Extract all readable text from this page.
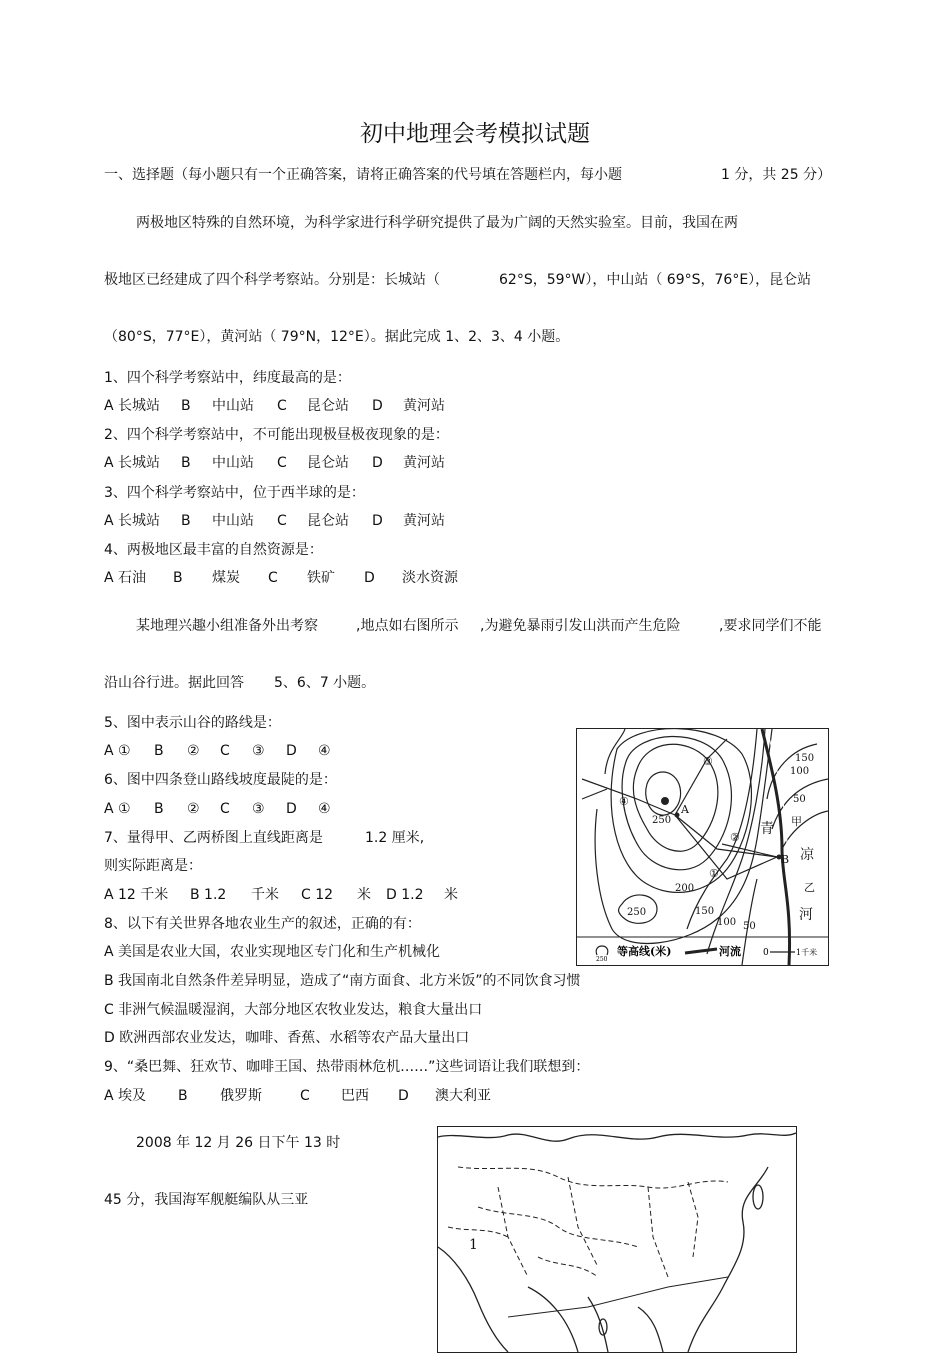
初中地理会考模拟试题
一、选择题（每小题只有一个正确答案，请将正确答案的代号填在答题栏内，每小题	1 分，共 25 分）
两极地区特殊的自然环境，为科学家进行科学研究提供了最为广阔的天然实验室。目前，我国在两
极地区已经建成了四个科学考察站。分别是：长城站（	62°S，59°W），中山站（ 69°S，76°E），昆仑站
（80°S，77°E），黄河站（ 79°N，12°E）。据此完成 1、2、3、4 小题。
1、四个科学考察站中，纬度最高的是：
A 长城站 B 中山站 C 昆仑站 D 黄河站
2、四个科学考察站中，不可能出现极昼极夜现象的是：
A 长城站 B 中山站 C 昆仑站 D 黄河站
3、四个科学考察站中，位于西半球的是：
A 长城站 B 中山站 C 昆仑站 D 黄河站
4、两极地区最丰富的自然资源是：
A 石油 B 煤炭 C 铁矿 D 淡水资源
某地理兴趣小组准备外出考察	,地点如右图所示 ,为避免暴雨引发山洪而产生危险	,要求同学们不能
沿山谷行进。据此回答 5、6、7 小题。
5、图中表示山谷的路线是：
A ① B ② C ③ D ④
6、图中四条登山路线坡度最陡的是：
A ① B ② C ③ D ④
7、量得甲、乙两桥图上直线距离是	1.2 厘米,
则实际距离是：
A 12 千米 B 1.2 千米 C 12 米 D 1.2 米
8、以下有关世界各地农业生产的叙述，正确的有：
A 美国是农业大国，农业实现地区专门化和生产机械化
B 我国南北自然条件差异明显，造成了“南方面食、北方米饭”的不同饮食习惯
C 非洲气候温暖湿润，大部分地区农牧业发达，粮食大量出口
D 欧洲西部农业发达，咖啡、香蕉、水稻等农产品大量出口
9、“桑巴舞、狂欢节、咖啡王国、热带雨林危机……”这些词语让我们联想到：
A 埃及 B 俄罗斯	C 巴西 D 澳大利亚
2008 年 12 月 26 日下午 13 时
45 分，我国海军舰艇编队从三亚
150
100
50
250
250
200
150
100 50
A
B
③
②
①
④
青 甲
凉
乙
河
250
等高线(米)	河流 0	1千米
1
